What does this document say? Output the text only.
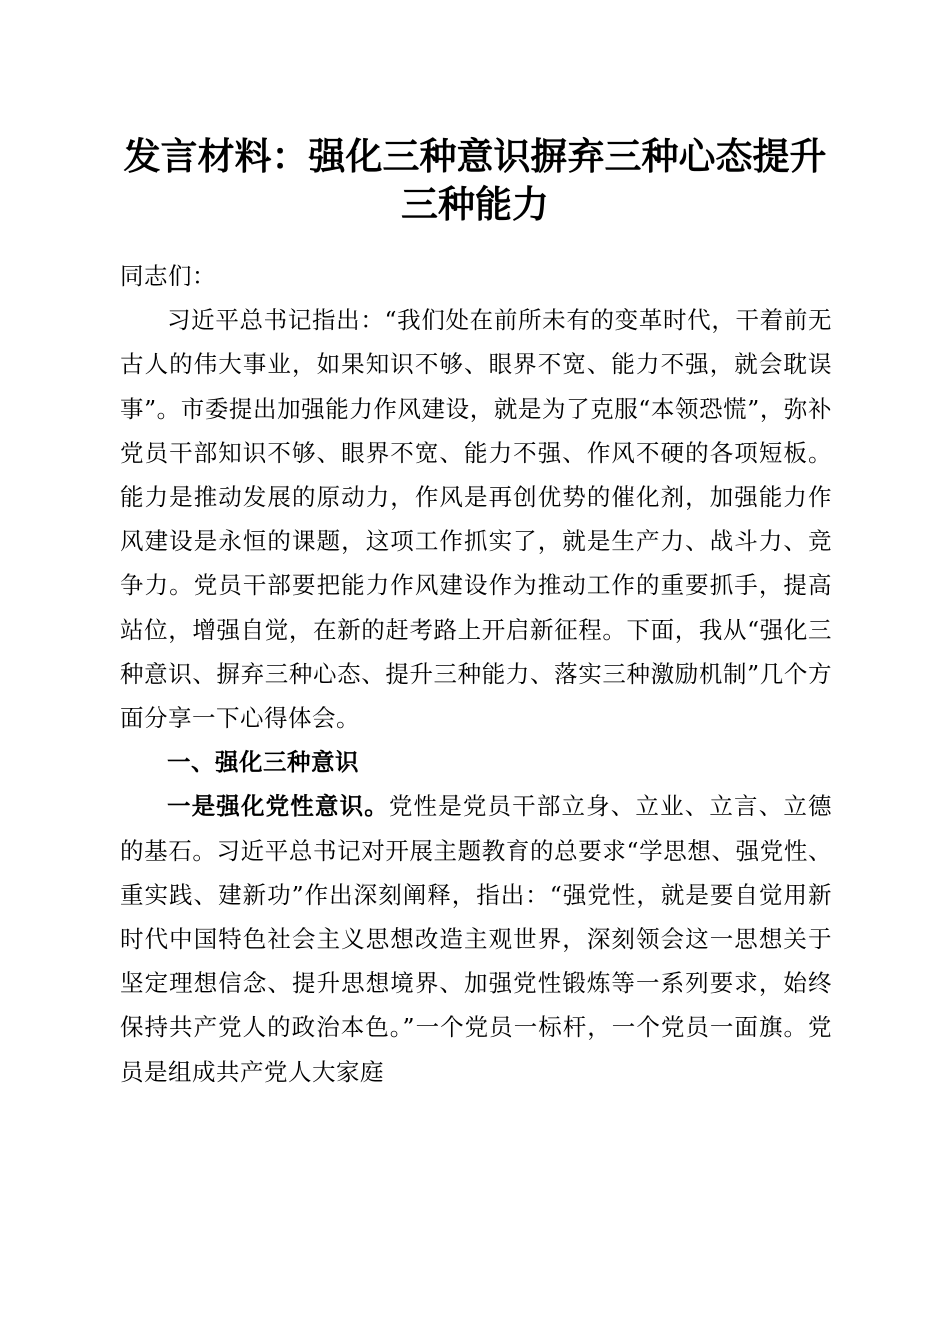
发言材料：强化三种意识摒弃三种心态提升三种能力

同志们：

习近平总书记指出：“我们处在前所未有的变革时代，干着前无古人的伟大事业，如果知识不够、眼界不宽、能力不强，就会耽误事”。市委提出加强能力作风建设，就是为了克服“本领恐慌”，弥补党员干部知识不够、眼界不宽、能力不强、作风不硬的各项短板。能力是推动发展的原动力，作风是再创优势的催化剂，加强能力作风建设是永恒的课题，这项工作抓实了，就是生产力、战斗力、竞争力。党员干部要把能力作风建设作为推动工作的重要抓手，提高站位，增强自觉，在新的赶考路上开启新征程。下面，我从“强化三种意识、摒弃三种心态、提升三种能力、落实三种激励机制”几个方面分享一下心得体会。

一、强化三种意识

一是强化党性意识。党性是党员干部立身、立业、立言、立德的基石。习近平总书记对开展主题教育的总要求“学思想、强党性、重实践、建新功”作出深刻阐释，指出：“强党性，就是要自觉用新时代中国特色社会主义思想改造主观世界，深刻领会这一思想关于坚定理想信念、提升思想境界、加强党性锻炼等一系列要求，始终保持共产党人的政治本色。”一个党员一标杆，一个党员一面旗。党员是组成共产党人大家庭
